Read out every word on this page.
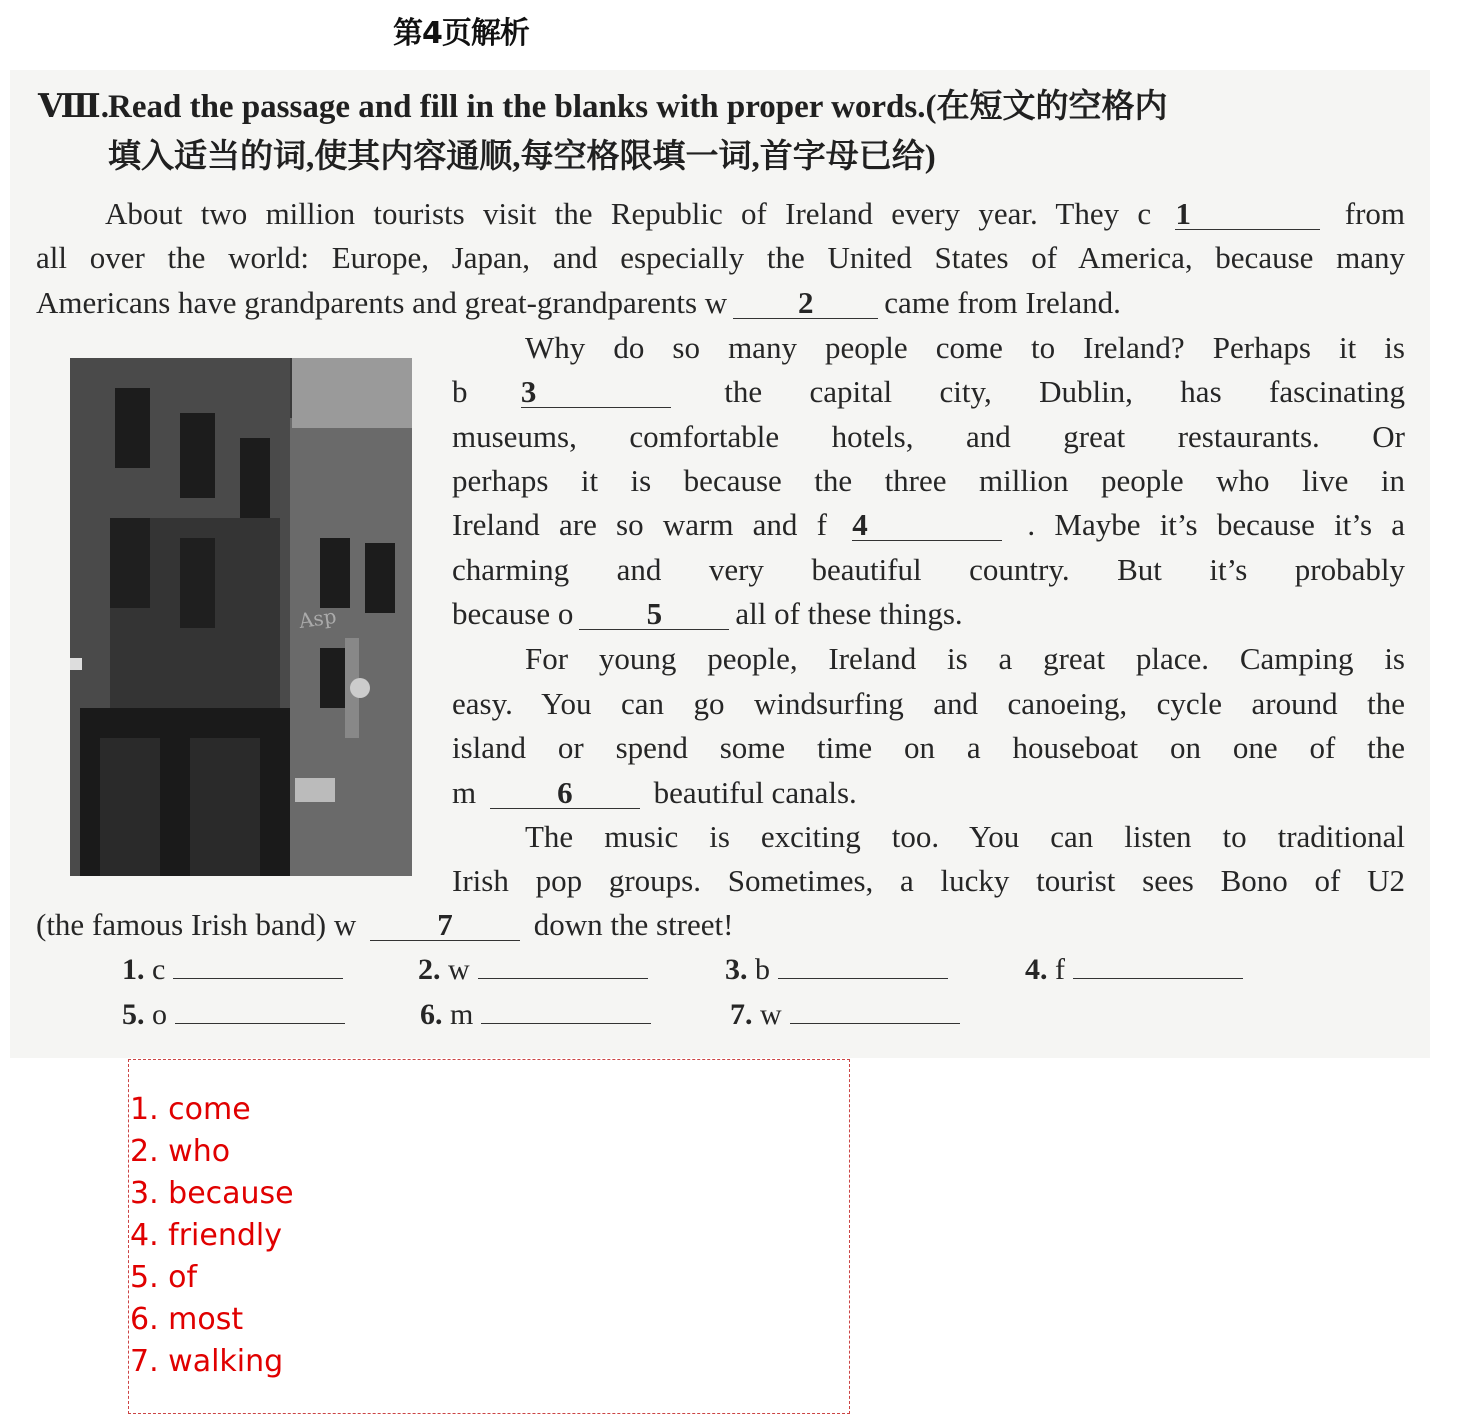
第4页解析
Ⅷ.Read the passage and fill in the blanks with proper words.(在短文的空格内
填入适当的词,使其内容通顺,每空格限填一词,首字母已给)
About two million tourists visit the Republic of Ireland every year. They c 1	from
all over the world: Europe, Japan, and especially the United States of America, because many
Americans have grandparents and great-grandparents w 2 came from Ireland.
Why do so many people come to Ireland? Perhaps it is
b 3	the capital city, Dublin, has fascinating
museums, comfortable hotels, and great restaurants. Or
perhaps it is because the three million people who live in
Ireland are so warm and f 4	. Maybe it’s because it’s a
charming and very beautiful country. But it’s probably
because o 5 all of these things.
For young people, Ireland is a great place. Camping is
easy. You can go windsurfing and canoeing, cycle around the
island or spend some time on a houseboat on one of the
m	6	beautiful canals.
The music is exciting too. You can listen to traditional
Irish pop groups. Sometimes, a lucky tourist sees Bono of U2
(the famous Irish band) w	7	down the street!
Asp
1. c	2. w	3. b	4. f
5. o	6. m	7. w
1. come
2. who
3. because
4. friendly
5. of
6. most
7. walking
